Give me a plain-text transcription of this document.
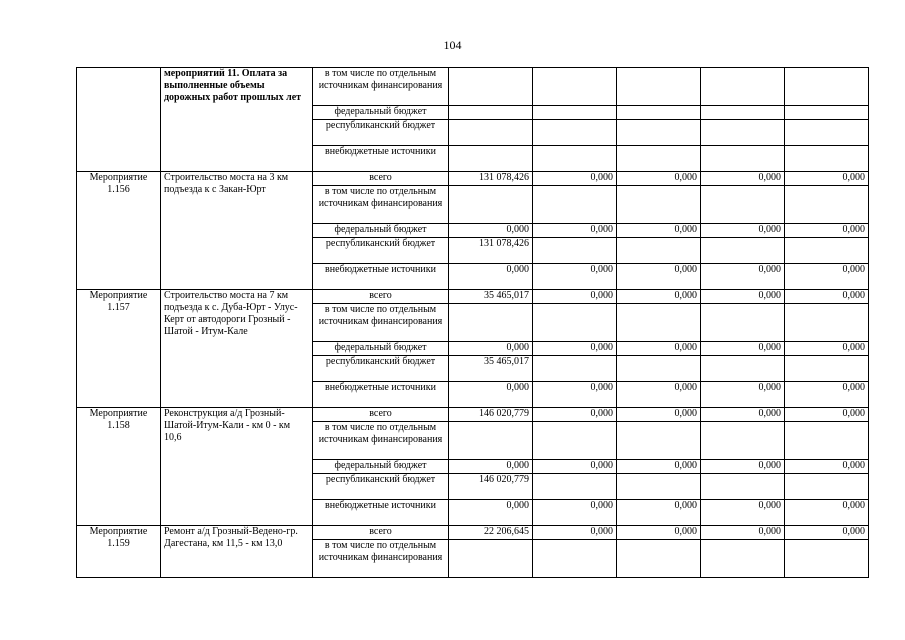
104
	мероприятий 11. Оплата за выполненные объемы дорожных работ прошлых лет	в том числе по отдельным источникам финансирования					
		федеральный бюджет					
		республиканский бюджет					
		внебюджетные источники					
Мероприятие 1.156	Строительство моста на 3 км подъезда к с Закан-Юрт	всего	131 078,426	0,000	0,000	0,000	0,000
		в том числе по отдельным источникам финансирования					
		федеральный бюджет	0,000	0,000	0,000	0,000	0,000
		республиканский бюджет	131 078,426				
		внебюджетные источники	0,000	0,000	0,000	0,000	0,000
Мероприятие 1.157	Строительство моста на 7 км подъезда к с. Дуба-Юрт - Улус-Керт от автодороги Грозный - Шатой - Итум-Кале	всего	35 465,017	0,000	0,000	0,000	0,000
		в том числе по отдельным источникам финансирования					
		федеральный бюджет	0,000	0,000	0,000	0,000	0,000
		республиканский бюджет	35 465,017				
		внебюджетные источники	0,000	0,000	0,000	0,000	0,000
Мероприятие 1.158	Реконструкция а/д Грозный-Шатой-Итум-Кали - км 0 - км 10,6	всего	146 020,779	0,000	0,000	0,000	0,000
		в том числе по отдельным источникам финансирования					
		федеральный бюджет	0,000	0,000	0,000	0,000	0,000
		республиканский бюджет	146 020,779				
		внебюджетные источники	0,000	0,000	0,000	0,000	0,000
Мероприятие 1.159	Ремонт а/д Грозный-Ведено-гр. Дагестана, км 11,5 - км 13,0	всего	22 206,645	0,000	0,000	0,000	0,000
		в том числе по отдельным источникам финансирования					
